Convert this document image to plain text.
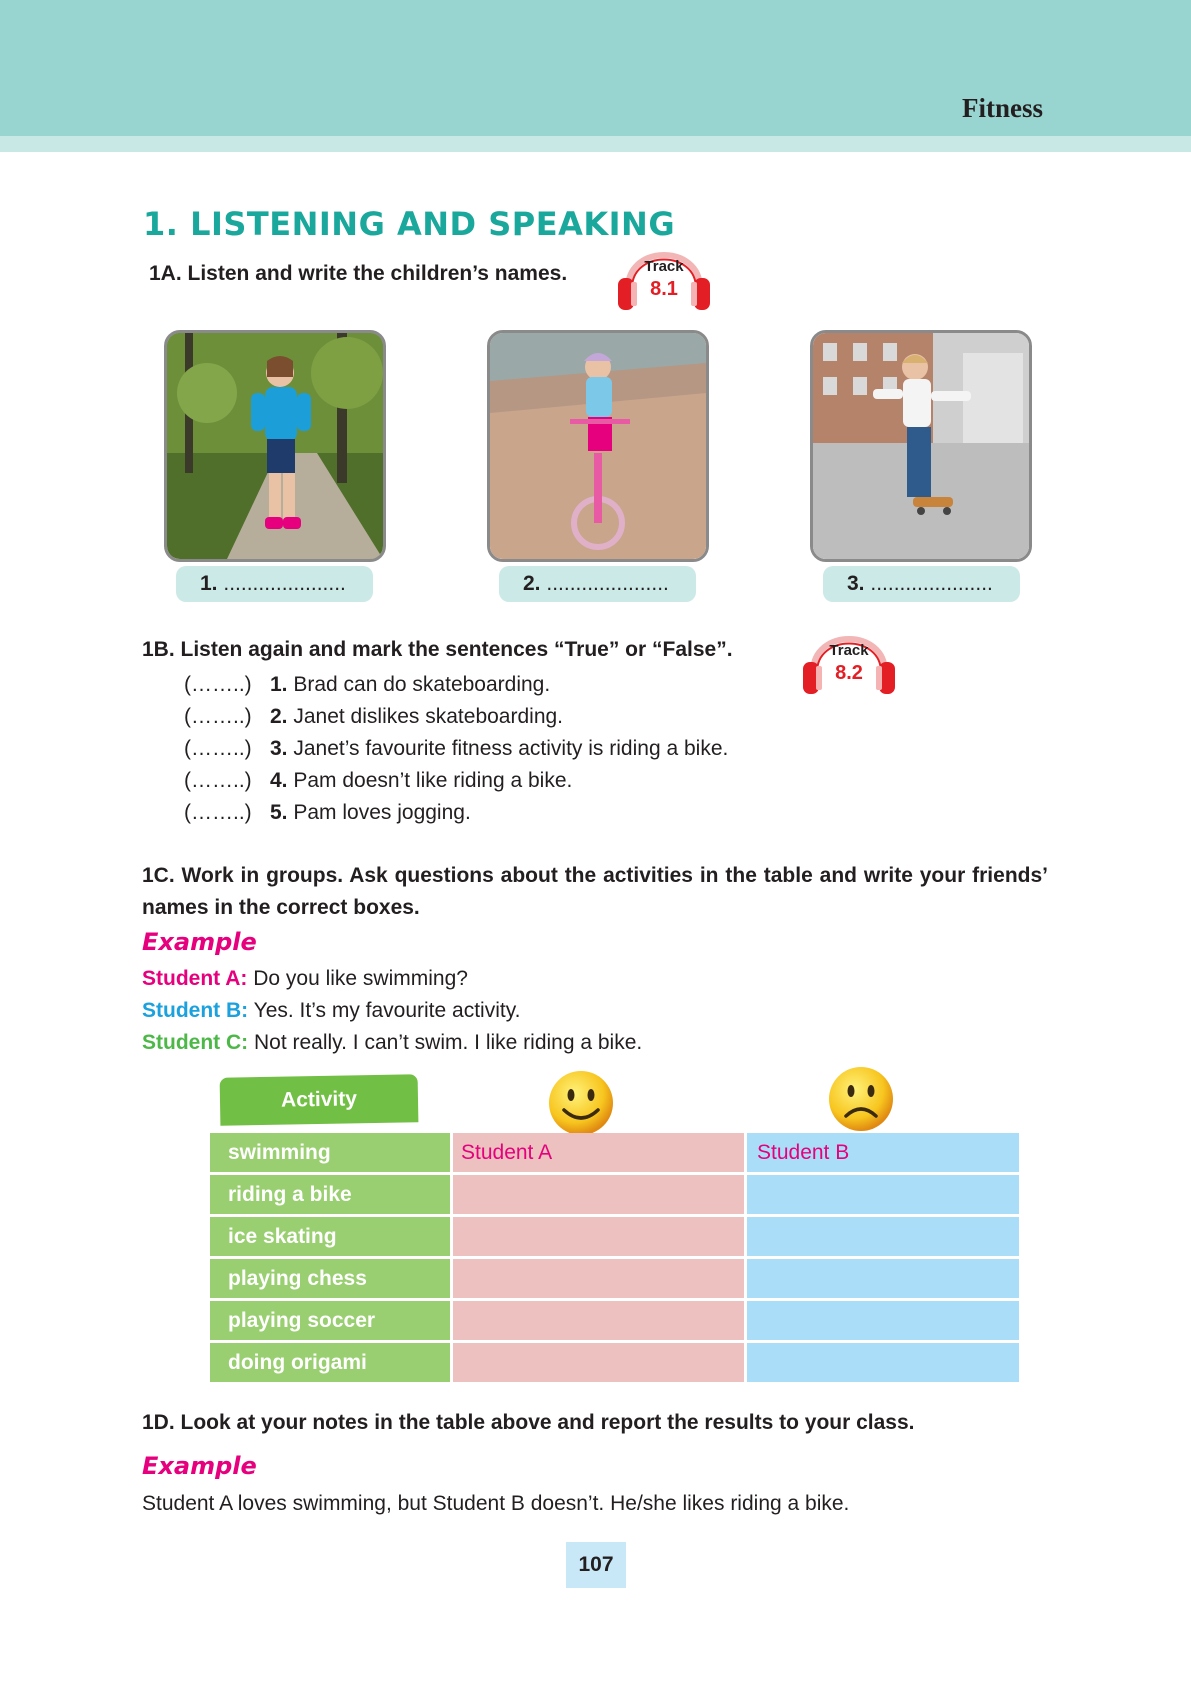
Fitness
1. LISTENING AND SPEAKING
1A. Listen and write the children’s names.	Track
8.1
1. .....................	2. .....................	3. .....................
1B. Listen again and mark the sentences “True” or “False”.	Track
8.2
(……..) 1. Brad can do skateboarding.
(……..) 2. Janet dislikes skateboarding.
(……..) 3. Janet’s favourite fitness activity is riding a bike.
(……..) 4. Pam doesn’t like riding a bike.
(……..) 5. Pam loves jogging.
1C. Work in groups. Ask questions about the activities in the table and write your friends’ names in the correct boxes.
Example
Student A: Do you like swimming?
Student B: Yes. It’s my favourite activity.
Student C: Not really. I can’t swim. I like riding a bike.
Activity
swimming	Student A	Student B
riding a bike		
ice skating		
playing chess		
playing soccer		
doing origami		
1D. Look at your notes in the table above and report the results to your class.
Example
Student A loves swimming, but Student B doesn’t. He/she likes riding a bike.
107
